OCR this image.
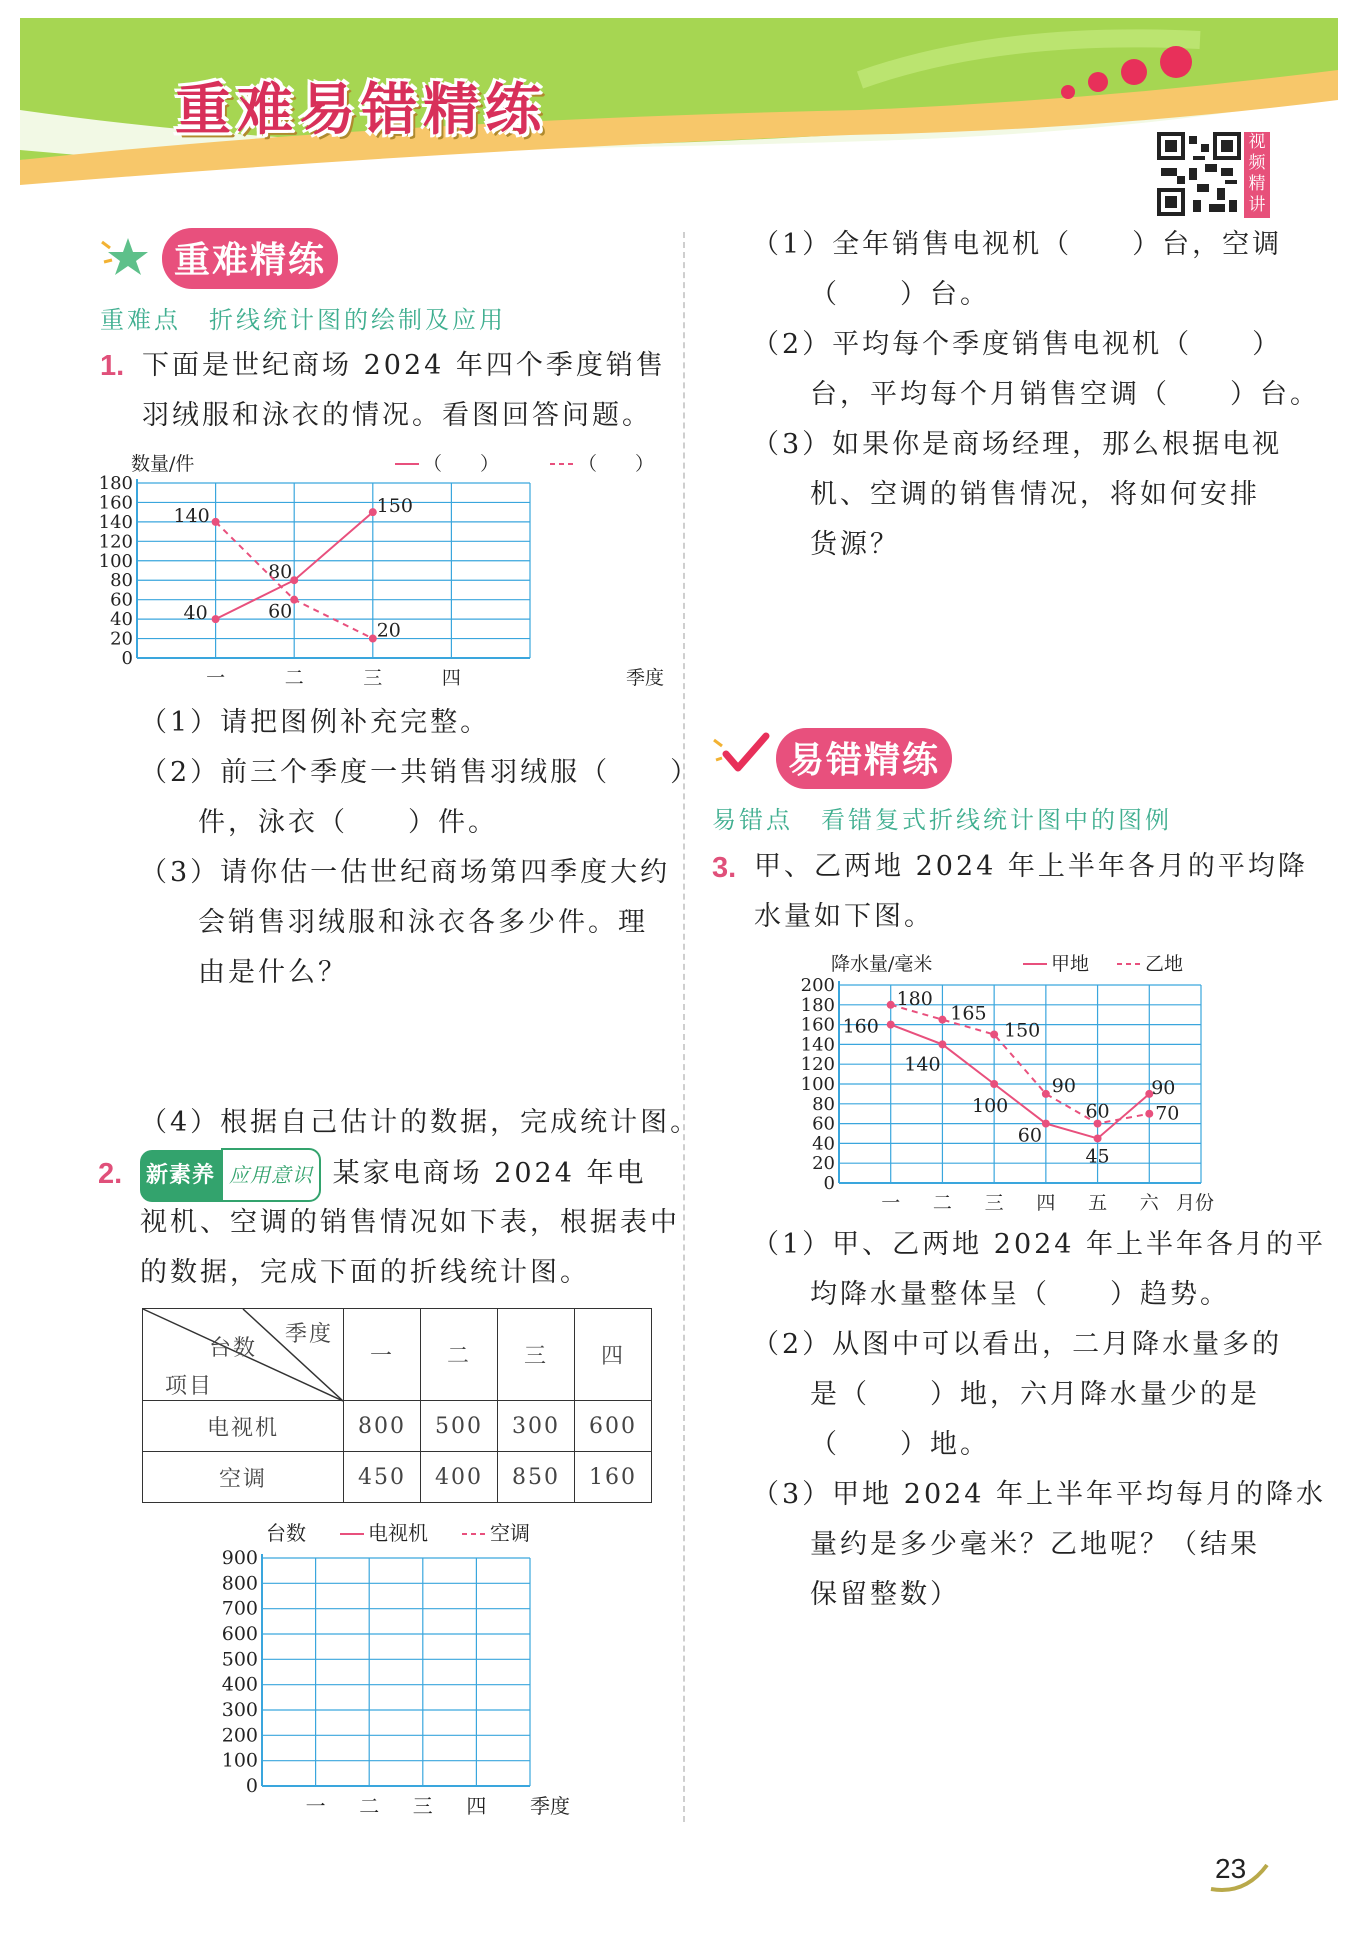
重难易错精练	视频精讲
重难精练
重难点 折线统计图的绘制及应用
1. 下面是世纪商场 2024 年四个季度销售
羽绒服和泳衣的情况。看图回答问题。
0
20
40
60
80
100
120
140
160
180
一	二	三	四	季度
数量/件	（　　）	（　　）
40
80
150
140
60
20
（1）请把图例补充完整。
（2）前三个季度一共销售羽绒服（　　）
件，泳衣（　　）件。
（3）请你估一估世纪商场第四季度大约
会销售羽绒服和泳衣各多少件。理
由是什么？
（4）根据自己估计的数据，完成统计图。
2. 新素养 应用意识 某家电商场 2024 年电
视机、空调的销售情况如下表，根据表中
的数据，完成下面的折线统计图。
季度
台数
项目	一	二	三	四
电视机	800	500	300	600
空调	450	400	850	160
0
100
200
300
400
500
600
700
800
900
一 二 三 四 季度
台数	电视机	空调
（1）全年销售电视机（　　）台，空调
（　　）台。
（2）平均每个季度销售电视机（　　）
台，平均每个月销售空调（　　）台。
（3）如果你是商场经理，那么根据电视
机、空调的销售情况，将如何安排
货源？
易错精练
易错点 看错复式折线统计图中的图例
3. 甲、乙两地 2024 年上半年各月的平均降
水量如下图。
0
20
40
60
80
100
120
140
160
180
200
一 二 三 四 五 六 月份
降水量/毫米	甲地	乙地
160
140
100
60
45
90
180
165
150
90
60 70
（1）甲、乙两地 2024 年上半年各月的平
均降水量整体呈（　　）趋势。
（2）从图中可以看出，二月降水量多的
是（　　）地，六月降水量少的是
（　　）地。
（3）甲地 2024 年上半年平均每月的降水
量约是多少毫米？乙地呢？（结果
保留整数）
23
